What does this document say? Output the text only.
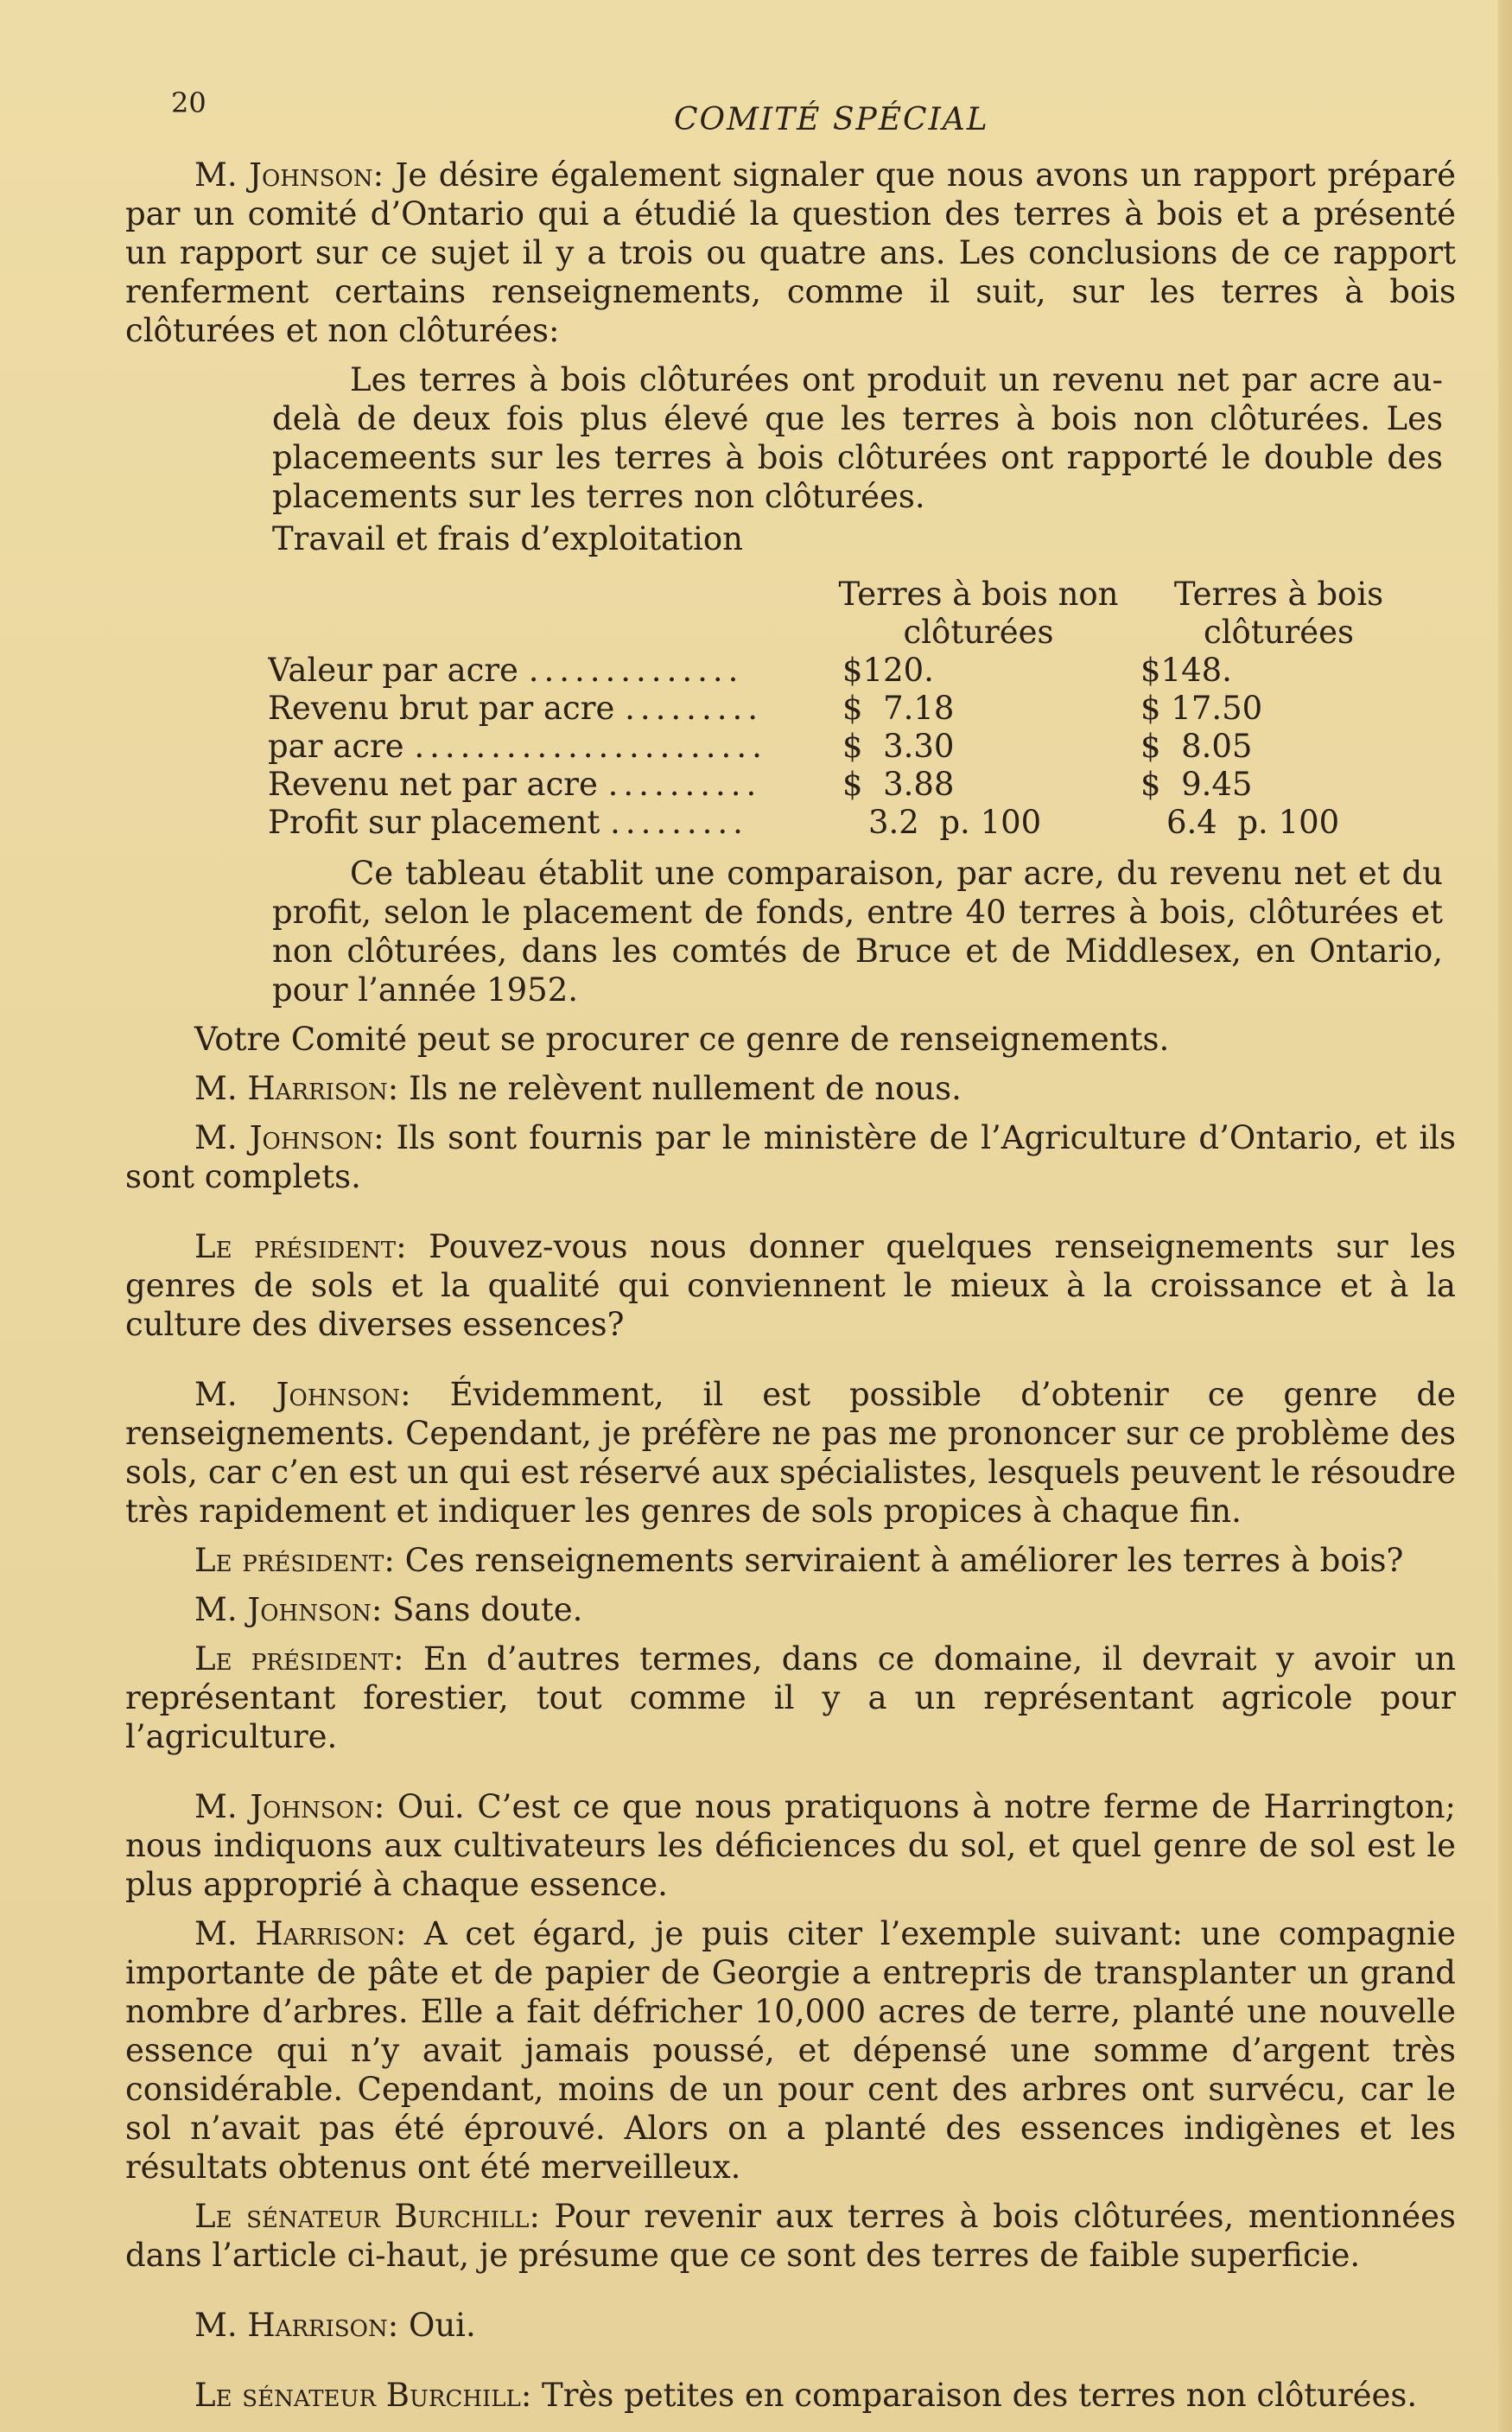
20	COMITÉ SPÉCIAL

M. Johnson: Je désire également signaler que nous avons un rapport préparé par un comité d’Ontario qui a étudié la question des terres à bois et a présenté un rapport sur ce sujet il y a trois ou quatre ans. Les conclusions de ce rapport renferment certains renseignements, comme il suit, sur les terres à bois clôturées et non clôturées:

Les terres à bois clôturées ont produit un revenu net par acre au-delà de deux fois plus élevé que les terres à bois non clôturées. Les placemeents sur les terres à bois clôturées ont rapporté le double des placements sur les terres non clôturées.

Travail et frais d’exploitation

	Terres à bois non clôturées	Terres à bois clôturées
Valeur par acre ..............	$120.	$148.
Revenu brut par acre .........	$  7.18	$ 17.50
par acre .......................	$  3.30	$  8.05
Revenu net par acre ..........	$  3.88	$  9.45
Profit sur placement .........	3.2  p. 100	6.4  p. 100

Ce tableau établit une comparaison, par acre, du revenu net et du profit, selon le placement de fonds, entre 40 terres à bois, clôturées et non clôturées, dans les comtés de Bruce et de Middlesex, en Ontario, pour l’année 1952.

Votre Comité peut se procurer ce genre de renseignements.

M. Harrison: Ils ne relèvent nullement de nous.

M. Johnson: Ils sont fournis par le ministère de l’Agriculture d’Ontario, et ils sont complets.

Le président: Pouvez-vous nous donner quelques renseignements sur les genres de sols et la qualité qui conviennent le mieux à la croissance et à la culture des diverses essences?

M. Johnson: Évidemment, il est possible d’obtenir ce genre de renseignements. Cependant, je préfère ne pas me prononcer sur ce problème des sols, car c’en est un qui est réservé aux spécialistes, lesquels peuvent le résoudre très rapidement et indiquer les genres de sols propices à chaque fin.

Le président: Ces renseignements serviraient à améliorer les terres à bois?

M. Johnson: Sans doute.

Le président: En d’autres termes, dans ce domaine, il devrait y avoir un représentant forestier, tout comme il y a un représentant agricole pour l’agriculture.

M. Johnson: Oui. C’est ce que nous pratiquons à notre ferme de Harrington; nous indiquons aux cultivateurs les déficiences du sol, et quel genre de sol est le plus approprié à chaque essence.

M. Harrison: A cet égard, je puis citer l’exemple suivant: une compagnie importante de pâte et de papier de Georgie a entrepris de transplanter un grand nombre d’arbres. Elle a fait défricher 10,000 acres de terre, planté une nouvelle essence qui n’y avait jamais poussé, et dépensé une somme d’argent très considérable. Cependant, moins de un pour cent des arbres ont survécu, car le sol n’avait pas été éprouvé. Alors on a planté des essences indigènes et les résultats obtenus ont été merveilleux.

Le sénateur Burchill: Pour revenir aux terres à bois clôturées, mentionnées dans l’article ci-haut, je présume que ce sont des terres de faible superficie.

M. Harrison: Oui.

Le sénateur Burchill: Très petites en comparaison des terres non clôturées.
